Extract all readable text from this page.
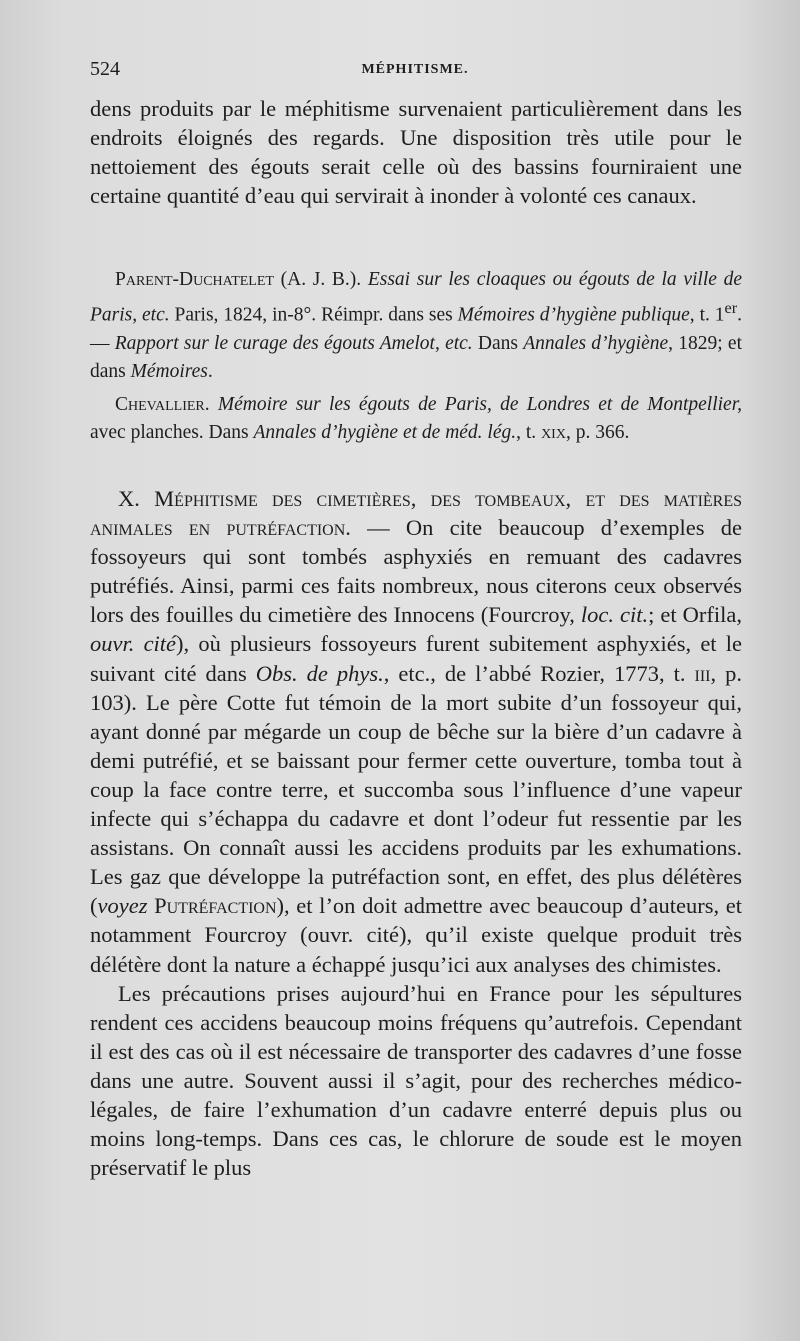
524	MÉPHITISME.

dens produits par le méphitisme survenaient particulièrement dans les endroits éloignés des regards. Une disposition très utile pour le nettoiement des égouts serait celle où des bassins fourniraient une certaine quantité d’eau qui servirait à inonder à volonté ces canaux.

Parent-Duchatelet (A. J. B.). Essai sur les cloaques ou égouts de la ville de Paris, etc. Paris, 1824, in-8°. Réimpr. dans ses Mémoires d’hygiène publique, t. 1er. — Rapport sur le curage des égouts Amelot, etc. Dans Annales d’hygiène, 1829; et dans Mémoires.

Chevallier. Mémoire sur les égouts de Paris, de Londres et de Montpellier, avec planches. Dans Annales d’hygiène et de méd. lég., t. xix, p. 366.

X. Méphitisme des cimetières, des tombeaux, et des matières animales en putréfaction. — On cite beaucoup d’exemples de fossoyeurs qui sont tombés asphyxiés en remuant des cadavres putréfiés. Ainsi, parmi ces faits nombreux, nous citerons ceux observés lors des fouilles du cimetière des Innocens (Fourcroy, loc. cit.; et Orfila, ouvr. cité), où plusieurs fossoyeurs furent subitement asphyxiés, et le suivant cité dans Obs. de phys., etc., de l’abbé Rozier, 1773, t. iii, p. 103). Le père Cotte fut témoin de la mort subite d’un fossoyeur qui, ayant donné par mégarde un coup de bêche sur la bière d’un cadavre à demi putréfié, et se baissant pour fermer cette ouverture, tomba tout à coup la face contre terre, et succomba sous l’influence d’une vapeur infecte qui s’échappa du cadavre et dont l’odeur fut ressentie par les assistans. On connaît aussi les accidens produits par les exhumations. Les gaz que développe la putréfaction sont, en effet, des plus délétères (voyez Putréfaction), et l’on doit admettre avec beaucoup d’auteurs, et notamment Fourcroy (ouvr. cité), qu’il existe quelque produit très délétère dont la nature a échappé jusqu’ici aux analyses des chimistes.

Les précautions prises aujourd’hui en France pour les sépultures rendent ces accidens beaucoup moins fréquens qu’autrefois. Cependant il est des cas où il est nécessaire de transporter des cadavres d’une fosse dans une autre. Souvent aussi il s’agit, pour des recherches médico-légales, de faire l’exhumation d’un cadavre enterré depuis plus ou moins long-temps. Dans ces cas, le chlorure de soude est le moyen préservatif le plus
